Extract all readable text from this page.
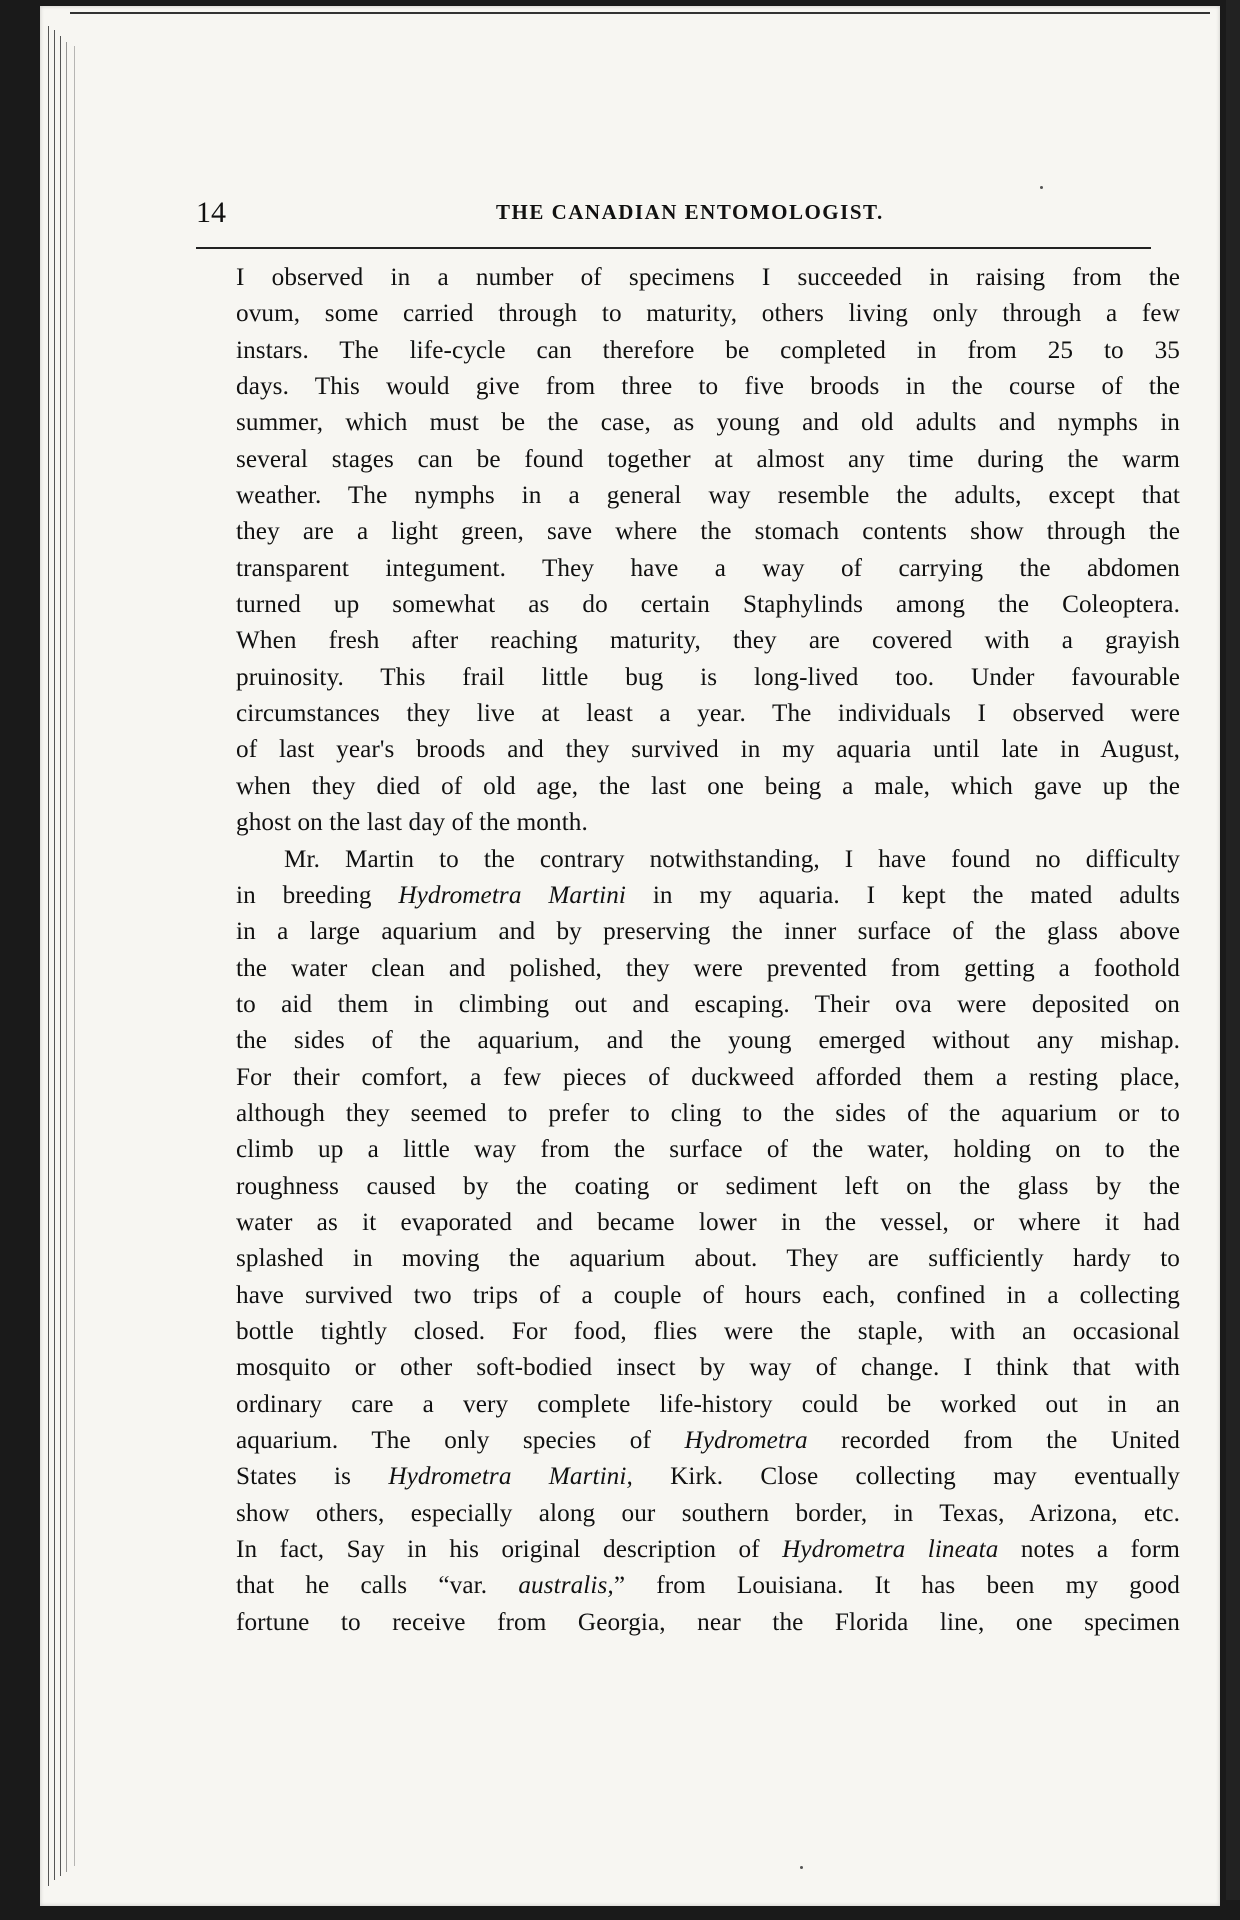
14	THE CANADIAN ENTOMOLOGIST.
I observed in a number of specimens I succeeded in raising from the
ovum, some carried through to maturity, others living only through a few
instars. The life-cycle can therefore be completed in from 25 to 35
days. This would give from three to five broods in the course of the
summer, which must be the case, as young and old adults and nymphs in
several stages can be found together at almost any time during the warm
weather. The nymphs in a general way resemble the adults, except that
they are a light green, save where the stomach contents show through the
transparent integument. They have a way of carrying the abdomen
turned up somewhat as do certain Staphylinds among the Coleoptera.
When fresh after reaching maturity, they are covered with a grayish
pruinosity. This frail little bug is long-lived too. Under favourable
circumstances they live at least a year. The individuals I observed were
of last year's broods and they survived in my aquaria until late in August,
when they died of old age, the last one being a male, which gave up the
ghost on the last day of the month.
Mr. Martin to the contrary notwithstanding, I have found no difficulty
in breeding Hydrometra Martini in my aquaria. I kept the mated adults
in a large aquarium and by preserving the inner surface of the glass above
the water clean and polished, they were prevented from getting a foothold
to aid them in climbing out and escaping. Their ova were deposited on
the sides of the aquarium, and the young emerged without any mishap.
For their comfort, a few pieces of duckweed afforded them a resting place,
although they seemed to prefer to cling to the sides of the aquarium or to
climb up a little way from the surface of the water, holding on to the
roughness caused by the coating or sediment left on the glass by the
water as it evaporated and became lower in the vessel, or where it had
splashed in moving the aquarium about. They are sufficiently hardy to
have survived two trips of a couple of hours each, confined in a collecting
bottle tightly closed. For food, flies were the staple, with an occasional
mosquito or other soft-bodied insect by way of change. I think that with
ordinary care a very complete life-history could be worked out in an
aquarium. The only species of Hydrometra recorded from the United
States is Hydrometra Martini, Kirk. Close collecting may eventually
show others, especially along our southern border, in Texas, Arizona, etc.
In fact, Say in his original description of Hydrometra lineata notes a form
that he calls “var. australis,” from Louisiana. It has been my good
fortune to receive from Georgia, near the Florida line, one specimen
